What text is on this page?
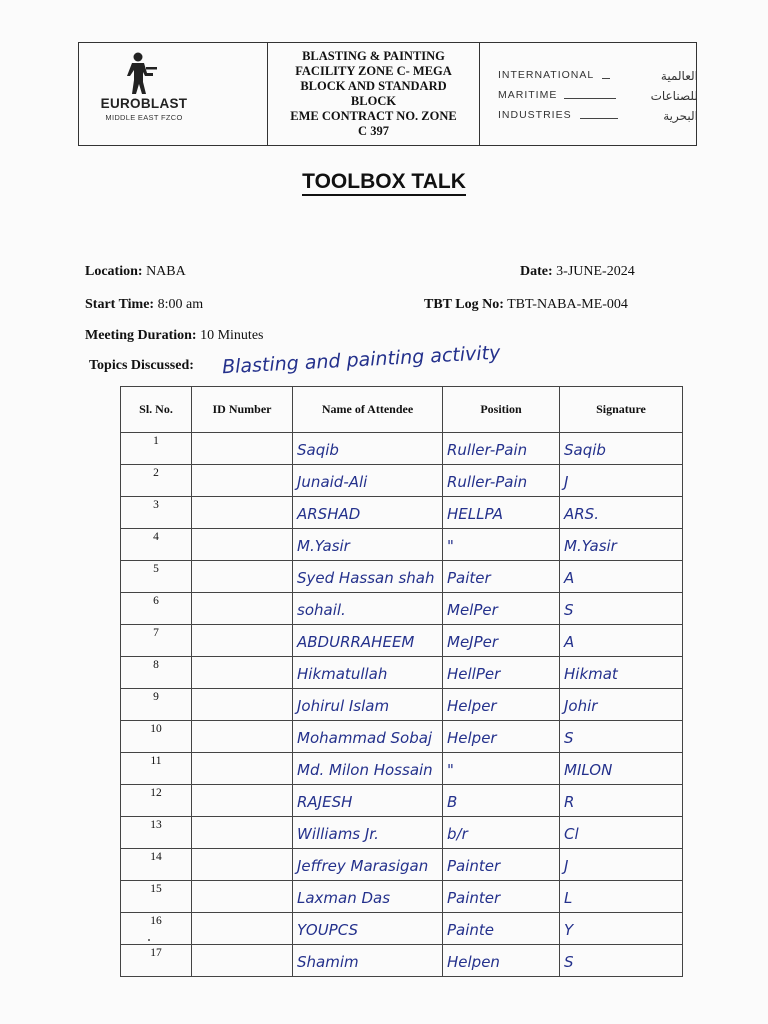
EUROBLAST
MIDDLE EAST FZCO
BLASTING & PAINTING
FACILITY ZONE C- MEGA
BLOCK AND STANDARD
BLOCK
EME CONTRACT NO. ZONE
C 397
INTERNATIONAL	العالمية
MARITIME	للصناعات
INDUSTRIES	البحرية
TOOLBOX TALK
Location: NABA	Date: 3-JUNE-2024
Start Time: 8:00 am	TBT Log No: TBT-NABA-ME-004
Meeting Duration: 10 Minutes
Topics Discussed: Blasting and painting activity
Sl. No.	ID Number	Name of Attendee	Position	Signature
1		Saqib	Ruller-Pain	Saqib

2		Junaid-Ali	Ruller-Pain	J

3		ARSHAD	HELLPA	ARS.

4		M.Yasir	"	M.Yasir

5		Syed Hassan shah	Paiter	A

6		sohail.	MelPer	S

7		ABDURRAHEEM	MeJPer	A

8		Hikmatullah	HellPer	Hikmat

9		Johirul Islam	Helper	Johir

10		Mohammad Sobaj	Helper	S

11		Md. Milon Hossain	"	MILON

12		RAJESH	B	R

13		Williams Jr.	b/r	Cl

14		Jeffrey Marasigan	Painter	J

15		Laxman Das	Painter	L

16		YOUPCS	Painte	Y

17		Shamim	Helpen	S
